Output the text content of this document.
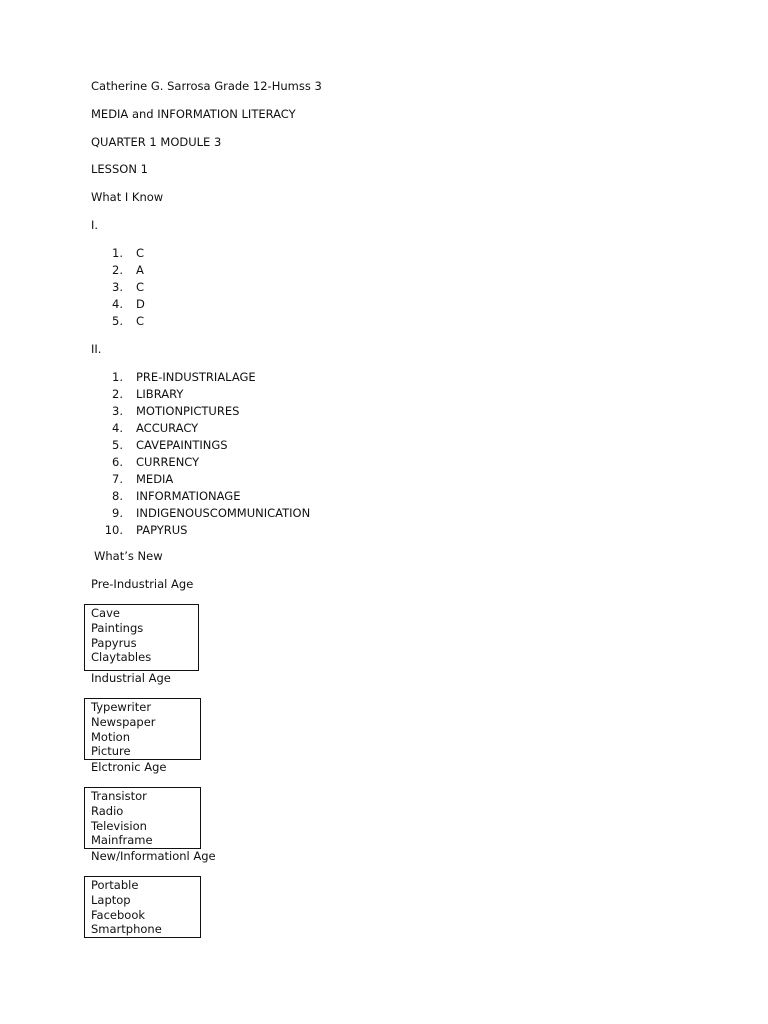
Catherine G. Sarrosa Grade 12-Humss 3
MEDIA and INFORMATION LITERACY
QUARTER 1 MODULE 3
LESSON 1
What I Know
I.
1. C
2. A
3. C
4. D
5. C
II.
1. PRE-INDUSTRIALAGE
2. LIBRARY
3. MOTIONPICTURES
4. ACCURACY
5. CAVEPAINTINGS
6. CURRENCY
7. MEDIA
8. INFORMATIONAGE
9. INDIGENOUSCOMMUNICATION
10. PAPYRUS
What’s New
Pre-Industrial Age
Cave
Paintings
Papyrus
Claytables
Industrial Age
Typewriter
Newspaper
Motion
Picture
Elctronic Age
Transistor
Radio
Television
Mainframe
New/Informationl Age
Portable
Laptop
Facebook
Smartphone
